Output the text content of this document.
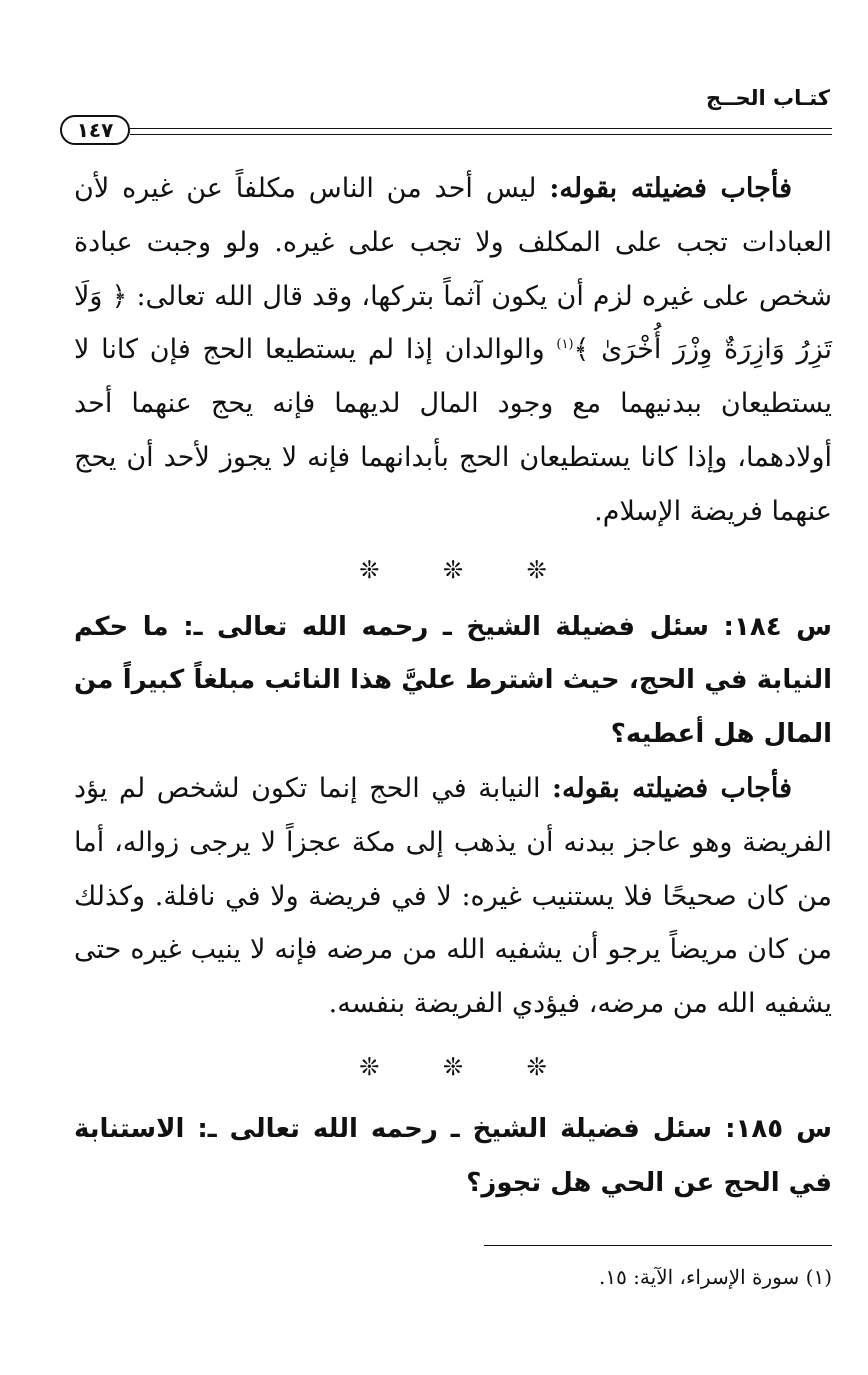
كتـاب الحــج
١٤٧

فأجاب فضيلته بقوله: ليس أحد من الناس مكلفاً عن غيره لأن العبادات تجب على المكلف ولا تجب على غيره. ولو وجبت عبادة شخص على غيره لزم أن يكون آثماً بتركها، وقد قال الله تعالى: ﴿ وَلَا تَزِرُ وَازِرَةٌ وِزْرَ أُخْرَىٰ ﴾$^{(١)}$ والوالدان إذا لم يستطيعا الحج فإن كانا لا يستطيعان ببدنيهما مع وجود المال لديهما فإنه يحج عنهما أحد أولادهما، وإذا كانا يستطيعان الحج بأبدانهما فإنه لا يجوز لأحد أن يحج عنهما فريضة الإسلام.

❊ ❊ ❊

س ١٨٤: سئل فضيلة الشيخ ـ رحمه الله تعالى ـ: ما حكم النيابة في الحج، حيث اشترط عليَّ هذا النائب مبلغاً كبيراً من المال هل أعطيه؟

فأجاب فضيلته بقوله: النيابة في الحج إنما تكون لشخص لم يؤد الفريضة وهو عاجز ببدنه أن يذهب إلى مكة عجزاً لا يرجى زواله، أما من كان صحيحًا فلا يستنيب غيره: لا في فريضة ولا في نافلة. وكذلك من كان مريضاً يرجو أن يشفيه الله من مرضه فإنه لا ينيب غيره حتى يشفيه الله من مرضه، فيؤدي الفريضة بنفسه.

❊ ❊ ❊

س ١٨٥: سئل فضيلة الشيخ ـ رحمه الله تعالى ـ: الاستنابة في الحج عن الحي هل تجوز؟

(١) سورة الإسراء، الآية: ١٥.
